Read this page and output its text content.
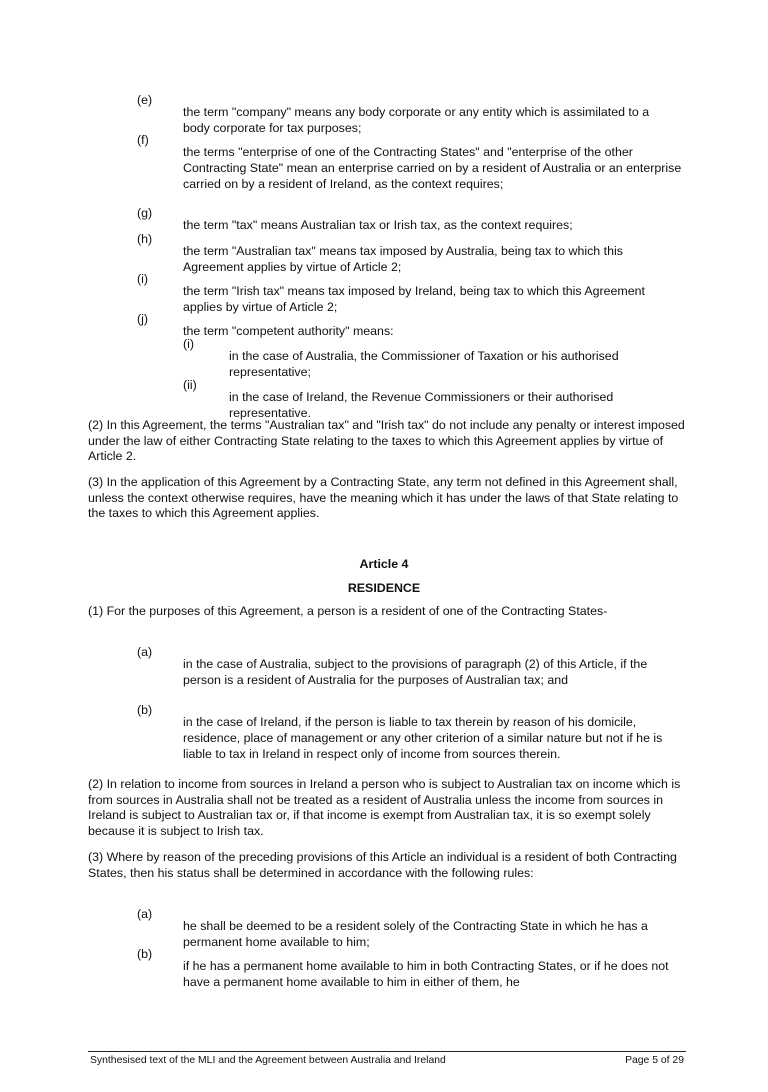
(e)

the term "company" means any body corporate or any entity which is assimilated to a body corporate for tax purposes;

(f)

the terms "enterprise of one of the Contracting States" and "enterprise of the other Contracting State" mean an enterprise carried on by a resident of Australia or an enterprise carried on by a resident of Ireland, as the context requires;

(g)

the term "tax" means Australian tax or Irish tax, as the context requires;

(h)

the term "Australian tax" means tax imposed by Australia, being tax to which this Agreement applies by virtue of Article 2;

(i)

the term "Irish tax" means tax imposed by Ireland, being tax to which this Agreement applies by virtue of Article 2;

(j)

the term "competent authority" means:

(i)

in the case of Australia, the Commissioner of Taxation or his authorised representative;

(ii)

in the case of Ireland, the Revenue Commissioners or their authorised representative.

(2) In this Agreement, the terms "Australian tax" and "Irish tax" do not include any penalty or interest imposed under the law of either Contracting State relating to the taxes to which this Agreement applies by virtue of Article 2.

(3) In the application of this Agreement by a Contracting State, any term not defined in this Agreement shall, unless the context otherwise requires, have the meaning which it has under the laws of that State relating to the taxes to which this Agreement applies.

Article 4
RESIDENCE

(1) For the purposes of this Agreement, a person is a resident of one of the Contracting States-

(a)

in the case of Australia, subject to the provisions of paragraph (2) of this Article, if the person is a resident of Australia for the purposes of Australian tax; and

(b)

in the case of Ireland, if the person is liable to tax therein by reason of his domicile, residence, place of management or any other criterion of a similar nature but not if he is liable to tax in Ireland in respect only of income from sources therein.

(2) In relation to income from sources in Ireland a person who is subject to Australian tax on income which is from sources in Australia shall not be treated as a resident of Australia unless the income from sources in Ireland is subject to Australian tax or, if that income is exempt from Australian tax, it is so exempt solely because it is subject to Irish tax.

(3) Where by reason of the preceding provisions of this Article an individual is a resident of both Contracting States, then his status shall be determined in accordance with the following rules:

(a)

he shall be deemed to be a resident solely of the Contracting State in which he has a permanent home available to him;

(b)

if he has a permanent home available to him in both Contracting States, or if he does not have a permanent home available to him in either of them, he

Synthesised text of the MLI and the Agreement between Australia and Ireland	Page 5 of 29
